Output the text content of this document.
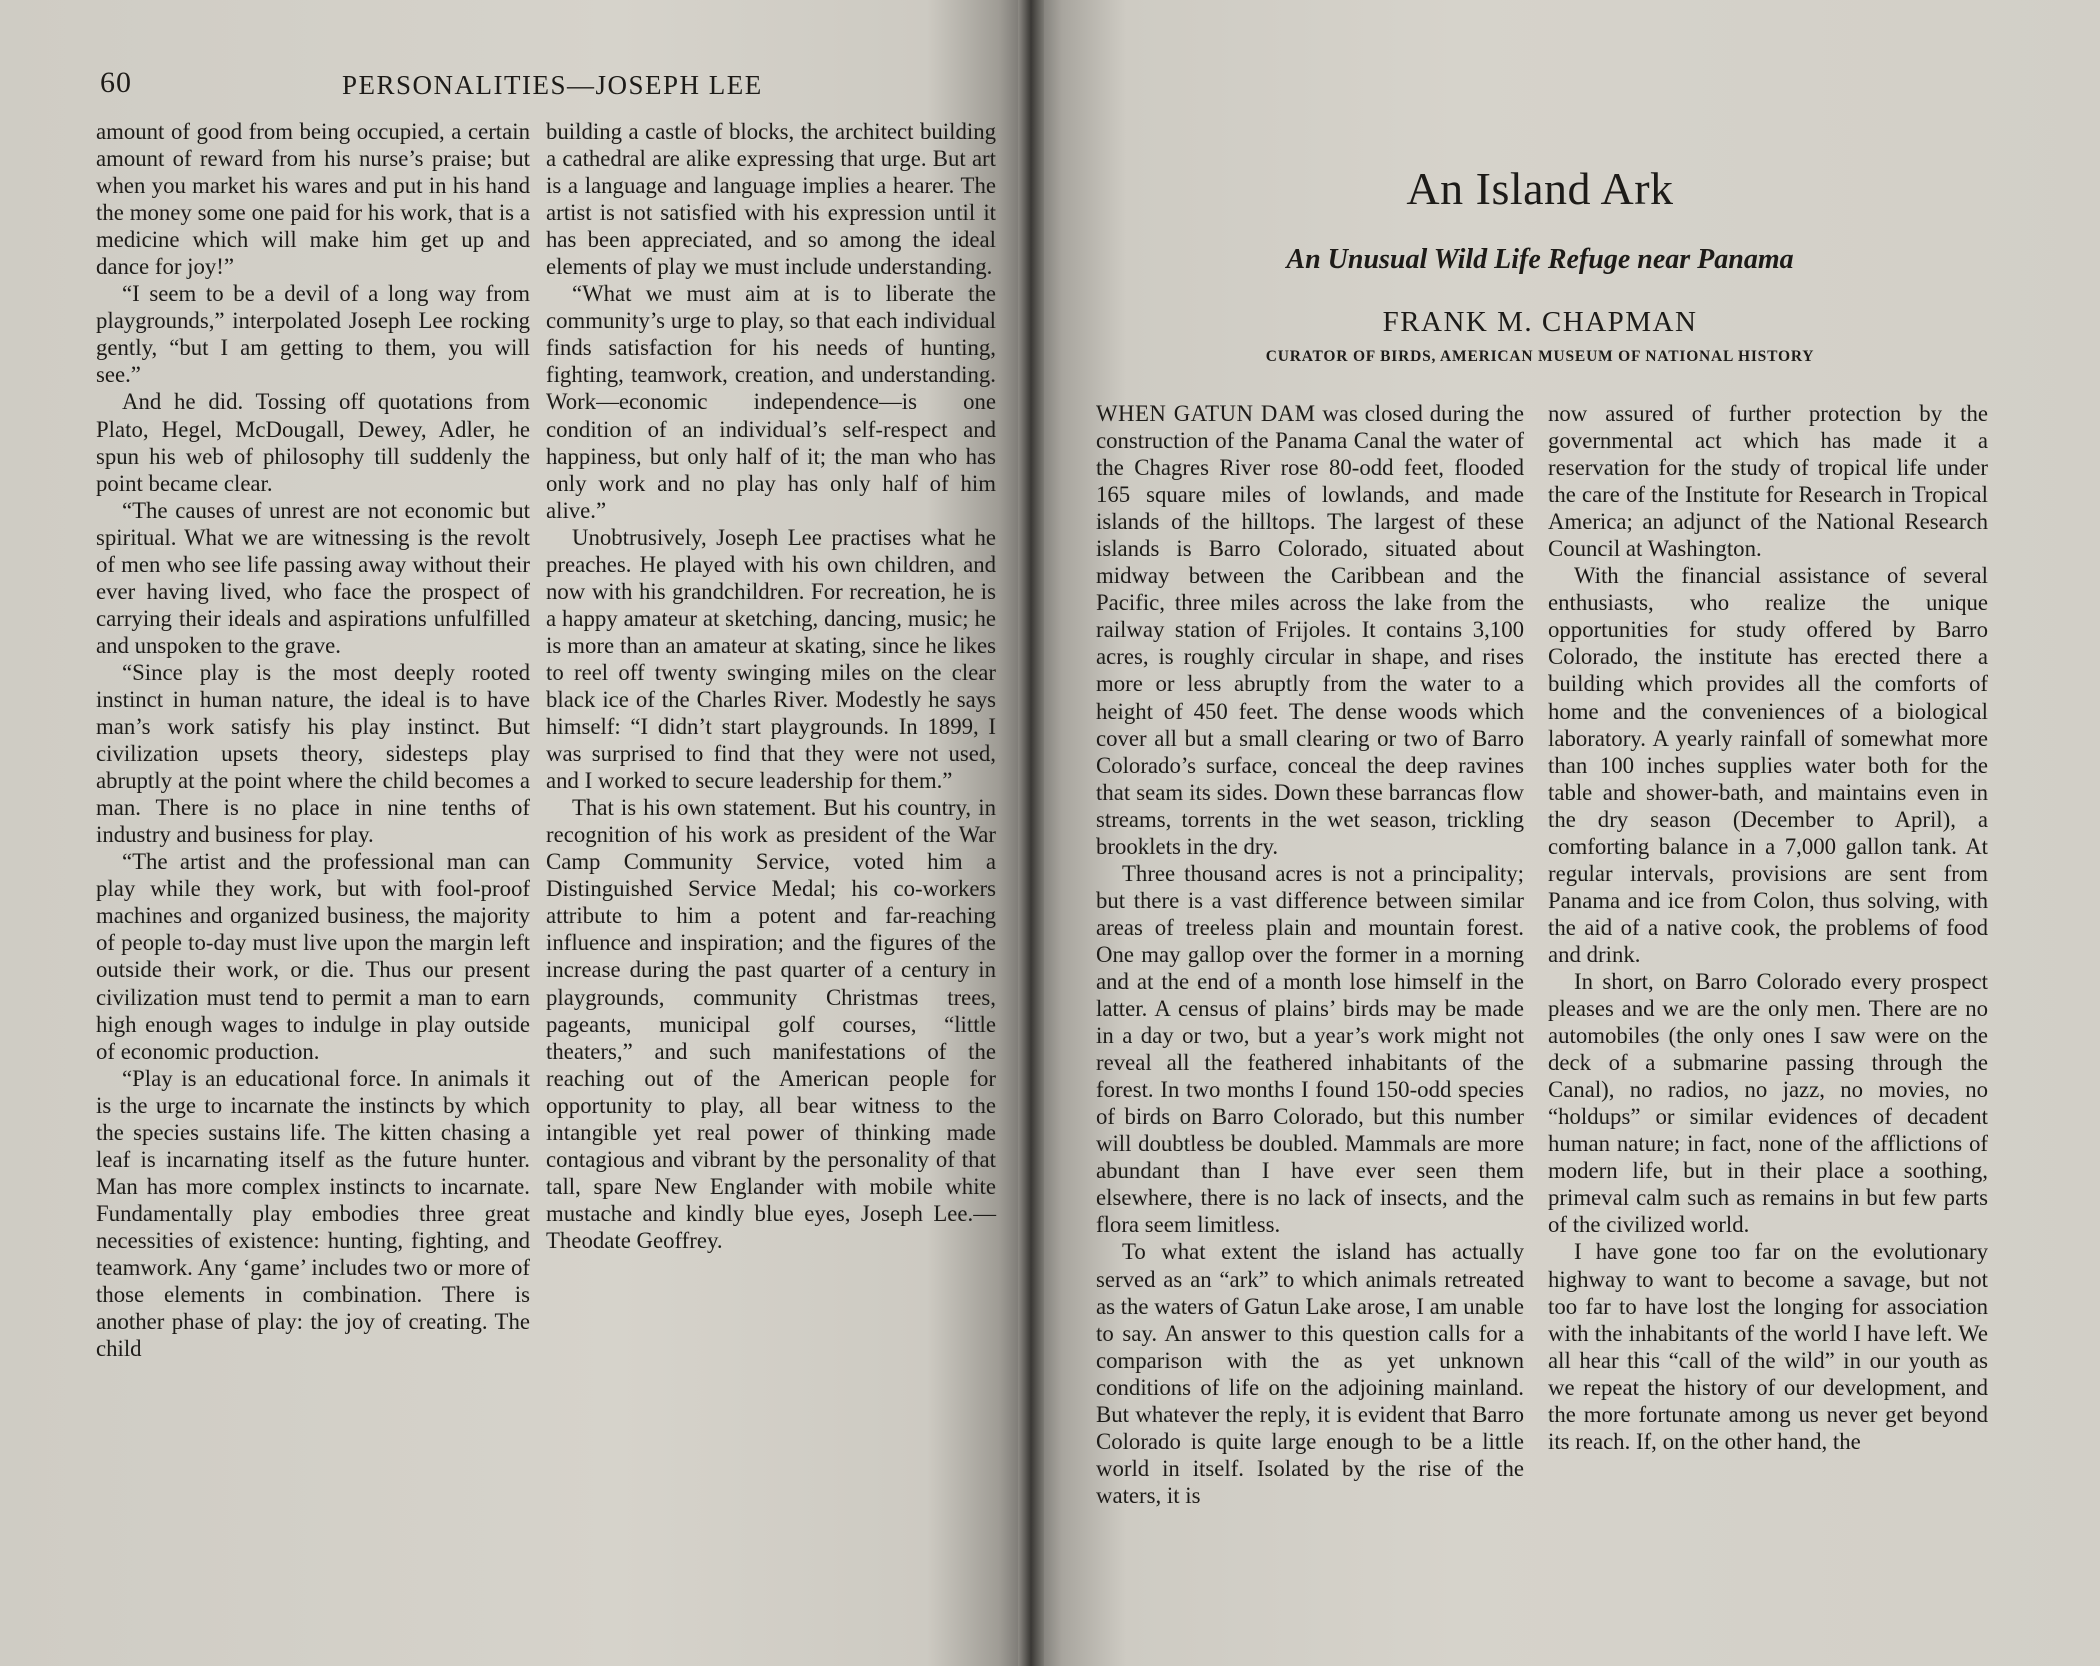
60	PERSONALITIES—JOSEPH LEE

amount of good from being occupied, a certain amount of reward from his nurse’s praise; but when you market his wares and put in his hand the money some one paid for his work, that is a medicine which will make him get up and dance for joy!”

“I seem to be a devil of a long way from playgrounds,” interpolated Joseph Lee rocking gently, “but I am getting to them, you will see.”

And he did. Tossing off quotations from Plato, Hegel, McDougall, Dewey, Adler, he spun his web of philosophy till suddenly the point became clear.

“The causes of unrest are not economic but spiritual. What we are witnessing is the revolt of men who see life passing away without their ever having lived, who face the prospect of carrying their ideals and aspirations unfulfilled and unspoken to the grave.

“Since play is the most deeply rooted instinct in human nature, the ideal is to have man’s work satisfy his play instinct. But civilization upsets theory, sidesteps play abruptly at the point where the child becomes a man. There is no place in nine tenths of industry and business for play.

“The artist and the professional man can play while they work, but with fool-proof machines and organized business, the majority of people to-day must live upon the margin left outside their work, or die. Thus our present civilization must tend to permit a man to earn high enough wages to indulge in play outside of economic production.

“Play is an educational force. In animals it is the urge to incarnate the instincts by which the species sustains life. The kitten chasing a leaf is incarnating itself as the future hunter. Man has more complex instincts to incarnate. Fundamentally play embodies three great necessities of existence: hunting, fighting, and teamwork. Any ‘game’ includes two or more of those elements in combination. There is another phase of play: the joy of creating. The child

building a castle of blocks, the architect building a cathedral are alike expressing that urge. But art is a language and language implies a hearer. The artist is not satisfied with his expression until it has been appreciated, and so among the ideal elements of play we must include understanding.

“What we must aim at is to liberate the community’s urge to play, so that each individual finds satisfaction for his needs of hunting, fighting, teamwork, creation, and understanding. Work—economic independence—is one condition of an individual’s self-respect and happiness, but only half of it; the man who has only work and no play has only half of him alive.”

Unobtrusively, Joseph Lee practises what he preaches. He played with his own children, and now with his grandchildren. For recreation, he is a happy amateur at sketching, dancing, music; he is more than an amateur at skating, since he likes to reel off twenty swinging miles on the clear black ice of the Charles River. Modestly he says himself: “I didn’t start playgrounds. In 1899, I was surprised to find that they were not used, and I worked to secure leadership for them.”

That is his own statement. But his country, in recognition of his work as president of the War Camp Community Service, voted him a Distinguished Service Medal; his co-workers attribute to him a potent and far-reaching influence and inspiration; and the figures of the increase during the past quarter of a century in playgrounds, community Christmas trees, pageants, municipal golf courses, “little theaters,” and such manifestations of the reaching out of the American people for opportunity to play, all bear witness to the intangible yet real power of thinking made contagious and vibrant by the personality of that tall, spare New Englander with mobile white mustache and kindly blue eyes, Joseph Lee.—Theodate Geoffrey.

An Island Ark
An Unusual Wild Life Refuge near Panama
FRANK M. CHAPMAN
CURATOR OF BIRDS, AMERICAN MUSEUM OF NATIONAL HISTORY

WHEN GATUN DAM was closed during the construction of the Panama Canal the water of the Chagres River rose 80-odd feet, flooded 165 square miles of lowlands, and made islands of the hilltops. The largest of these islands is Barro Colorado, situated about midway between the Caribbean and the Pacific, three miles across the lake from the railway station of Frijoles. It contains 3,100 acres, is roughly circular in shape, and rises more or less abruptly from the water to a height of 450 feet. The dense woods which cover all but a small clearing or two of Barro Colorado’s surface, conceal the deep ravines that seam its sides. Down these barrancas flow streams, torrents in the wet season, trickling brooklets in the dry.

Three thousand acres is not a principality; but there is a vast difference between similar areas of treeless plain and mountain forest. One may gallop over the former in a morning and at the end of a month lose himself in the latter. A census of plains’ birds may be made in a day or two, but a year’s work might not reveal all the feathered inhabitants of the forest. In two months I found 150-odd species of birds on Barro Colorado, but this number will doubtless be doubled. Mammals are more abundant than I have ever seen them elsewhere, there is no lack of insects, and the flora seem limitless.

To what extent the island has actually served as an “ark” to which animals retreated as the waters of Gatun Lake arose, I am unable to say. An answer to this question calls for a comparison with the as yet unknown conditions of life on the adjoining mainland. But whatever the reply, it is evident that Barro Colorado is quite large enough to be a little world in itself. Isolated by the rise of the waters, it is

now assured of further protection by the governmental act which has made it a reservation for the study of tropical life under the care of the Institute for Research in Tropical America; an adjunct of the National Research Council at Washington.

With the financial assistance of several enthusiasts, who realize the unique opportunities for study offered by Barro Colorado, the institute has erected there a building which provides all the comforts of home and the conveniences of a biological laboratory. A yearly rainfall of somewhat more than 100 inches supplies water both for the table and shower-bath, and maintains even in the dry season (December to April), a comforting balance in a 7,000 gallon tank. At regular intervals, provisions are sent from Panama and ice from Colon, thus solving, with the aid of a native cook, the problems of food and drink.

In short, on Barro Colorado every prospect pleases and we are the only men. There are no automobiles (the only ones I saw were on the deck of a submarine passing through the Canal), no radios, no jazz, no movies, no “holdups” or similar evidences of decadent human nature; in fact, none of the afflictions of modern life, but in their place a soothing, primeval calm such as remains in but few parts of the civilized world.

I have gone too far on the evolutionary highway to want to become a savage, but not too far to have lost the longing for association with the inhabitants of the world I have left. We all hear this “call of the wild” in our youth as we repeat the history of our development, and the more fortunate among us never get beyond its reach. If, on the other hand, the
